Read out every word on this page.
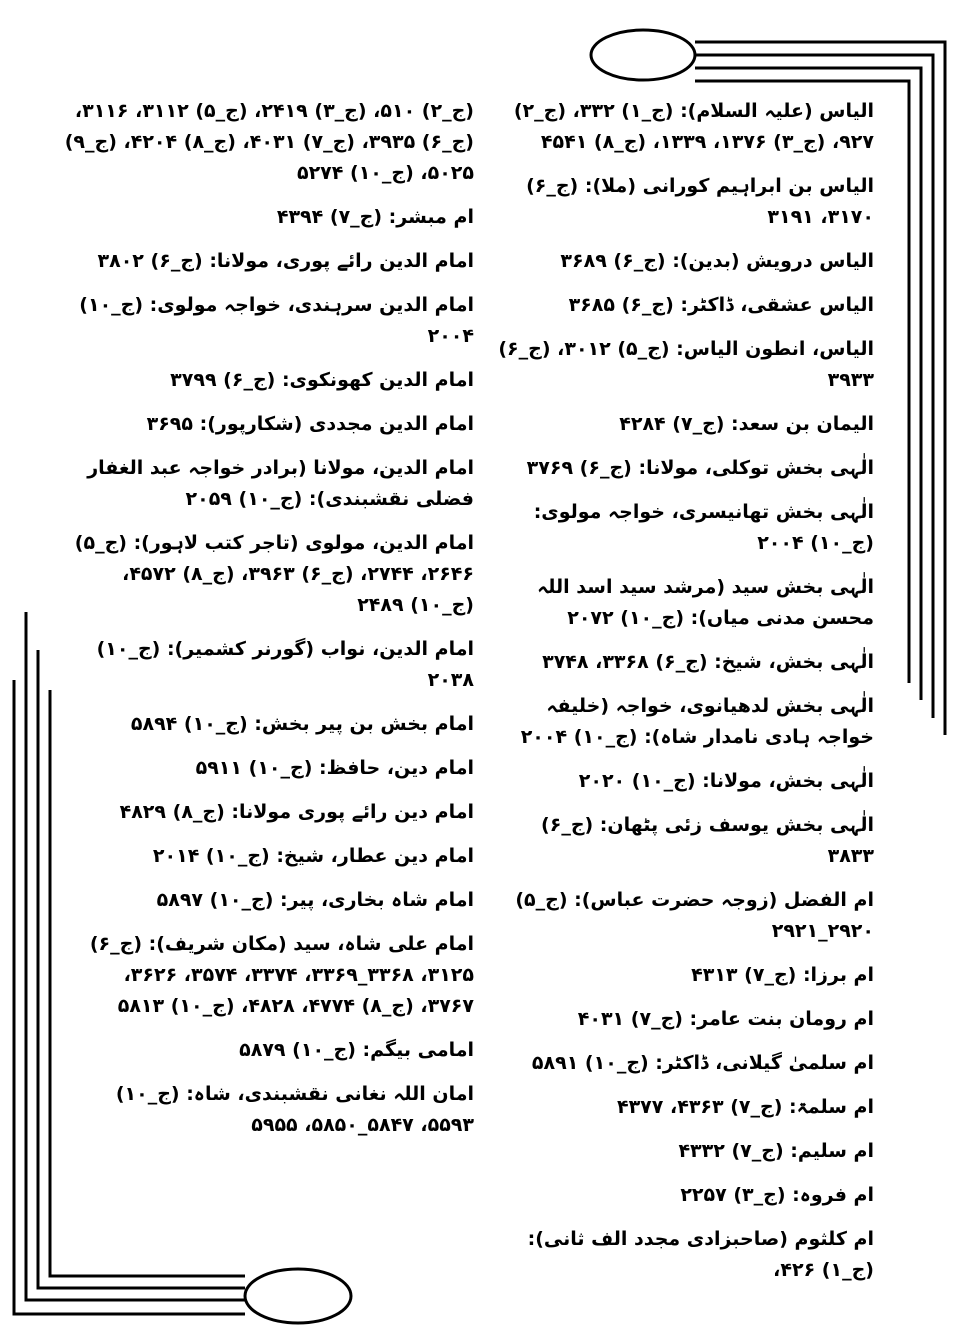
الیاس (علیہ السلام): (ج_۱) ۳۳۲، (ج_۲) ۹۲۷، (ج_۳) ۱۳۷۶، ۱۳۳۹، (ج_۸) ۴۵۴۱
الیاس بن ابراہیم کورانی (ملا): (ج_۶) ۳۱۷۰، ۳۱۹۱
الیاس درویش (بدین): (ج_۶) ۳۶۸۹
الیاس عشقی، ڈاکٹر: (ج_۶) ۳۶۸۵
الیاس، انطون الیاس: (ج_۵) ۳۰۱۲، (ج_۶) ۳۹۳۳
الیمان بن سعد: (ج_۷) ۴۲۸۴
الٰہی بخش توکلی، مولانا: (ج_۶) ۳۷۶۹
الٰہی بخش تھانیسری، خواجہ مولوی: (ج_۱۰) ۲۰۰۴
الٰہی بخش سید (مرشد سید اسد اللہ محسن مدنی میاں): (ج_۱۰) ۲۰۷۲
الٰہی بخش، شیخ: (ج_۶) ۳۳۶۸، ۳۷۴۸
الٰہی بخش لدھیانوی، خواجہ (خلیفہ خواجہ ہادی نامدار شاہ): (ج_۱۰) ۲۰۰۴
الٰہی بخش، مولانا: (ج_۱۰) ۲۰۲۰
الٰہی بخش یوسف زئی پٹھان: (ج_۶) ۳۸۳۳
ام الفضل (زوجہ حضرت عباس): (ج_۵) ۲۹۲۰_۲۹۲۱
ام برزا: (ج_۷) ۴۳۱۳
ام رومان بنت عامر: (ج_۷) ۴۰۳۱
ام سلمیٰ گیلانی، ڈاکٹر: (ج_۱۰) ۵۸۹۱
ام سلمۃ: (ج_۷) ۴۳۶۳، ۴۳۷۷
ام سلیم: (ج_۷) ۴۳۳۲
ام فروہ: (ج_۳) ۲۲۵۷
ام کلثوم (صاحبزادی مجدد الف ثانی): (ج_۱) ۴۲۶،
(ج_۲) ۵۱۰، (ج_۳) ۲۴۱۹، (ج_۵) ۳۱۱۲، ۳۱۱۶، (ج_۶) ۳۹۳۵، (ج_۷) ۴۰۳۱، (ج_۸) ۴۲۰۴، (ج_۹) ۵۰۲۵، (ج_۱۰) ۵۲۷۴
ام مبشر: (ج_۷) ۴۳۹۴
امام الدین رائے پوری، مولانا: (ج_۶) ۳۸۰۲
امام الدین سرہندی، خواجہ مولوی: (ج_۱۰) ۲۰۰۴
امام الدین کھونکوی: (ج_۶) ۳۷۹۹
امام الدین مجددی (شکارپور): ۳۶۹۵
امام الدین، مولانا (برادر خواجہ عبد الغفار فضلی نقشبندی): (ج_۱۰) ۲۰۵۹
امام الدین، مولوی (تاجر کتب لاہور): (ج_۵) ۲۶۴۶، ۲۷۴۴، (ج_۶) ۳۹۶۳، (ج_۸) ۴۵۷۲، (ج_۱۰) ۲۴۸۹
امام الدین، نواب (گورنر کشمیر): (ج_۱۰) ۲۰۳۸
امام بخش بن پیر بخش: (ج_۱۰) ۵۸۹۴
امام دین، حافظ: (ج_۱۰) ۵۹۱۱
امام دین رائے پوری مولانا: (ج_۸) ۴۸۲۹
امام دین عطار، شیخ: (ج_۱۰) ۲۰۱۴
امام شاہ بخاری، پیر: (ج_۱۰) ۵۸۹۷
امام علی شاہ، سید (مکان شریف): (ج_۶) ۳۱۲۵، ۳۳۶۸_۳۳۶۹، ۳۳۷۴، ۳۵۷۴، ۳۶۲۶، ۳۷۶۷، (ج_۸) ۴۷۷۴، ۴۸۲۸، (ج_۱۰) ۵۸۱۳
امامی بیگم: (ج_۱۰) ۵۸۷۹
امان اللہ نغانی نقشبندی، شاہ: (ج_۱۰) ۵۵۹۳، ۵۸۴۷_۵۸۵۰، ۵۹۵۵
